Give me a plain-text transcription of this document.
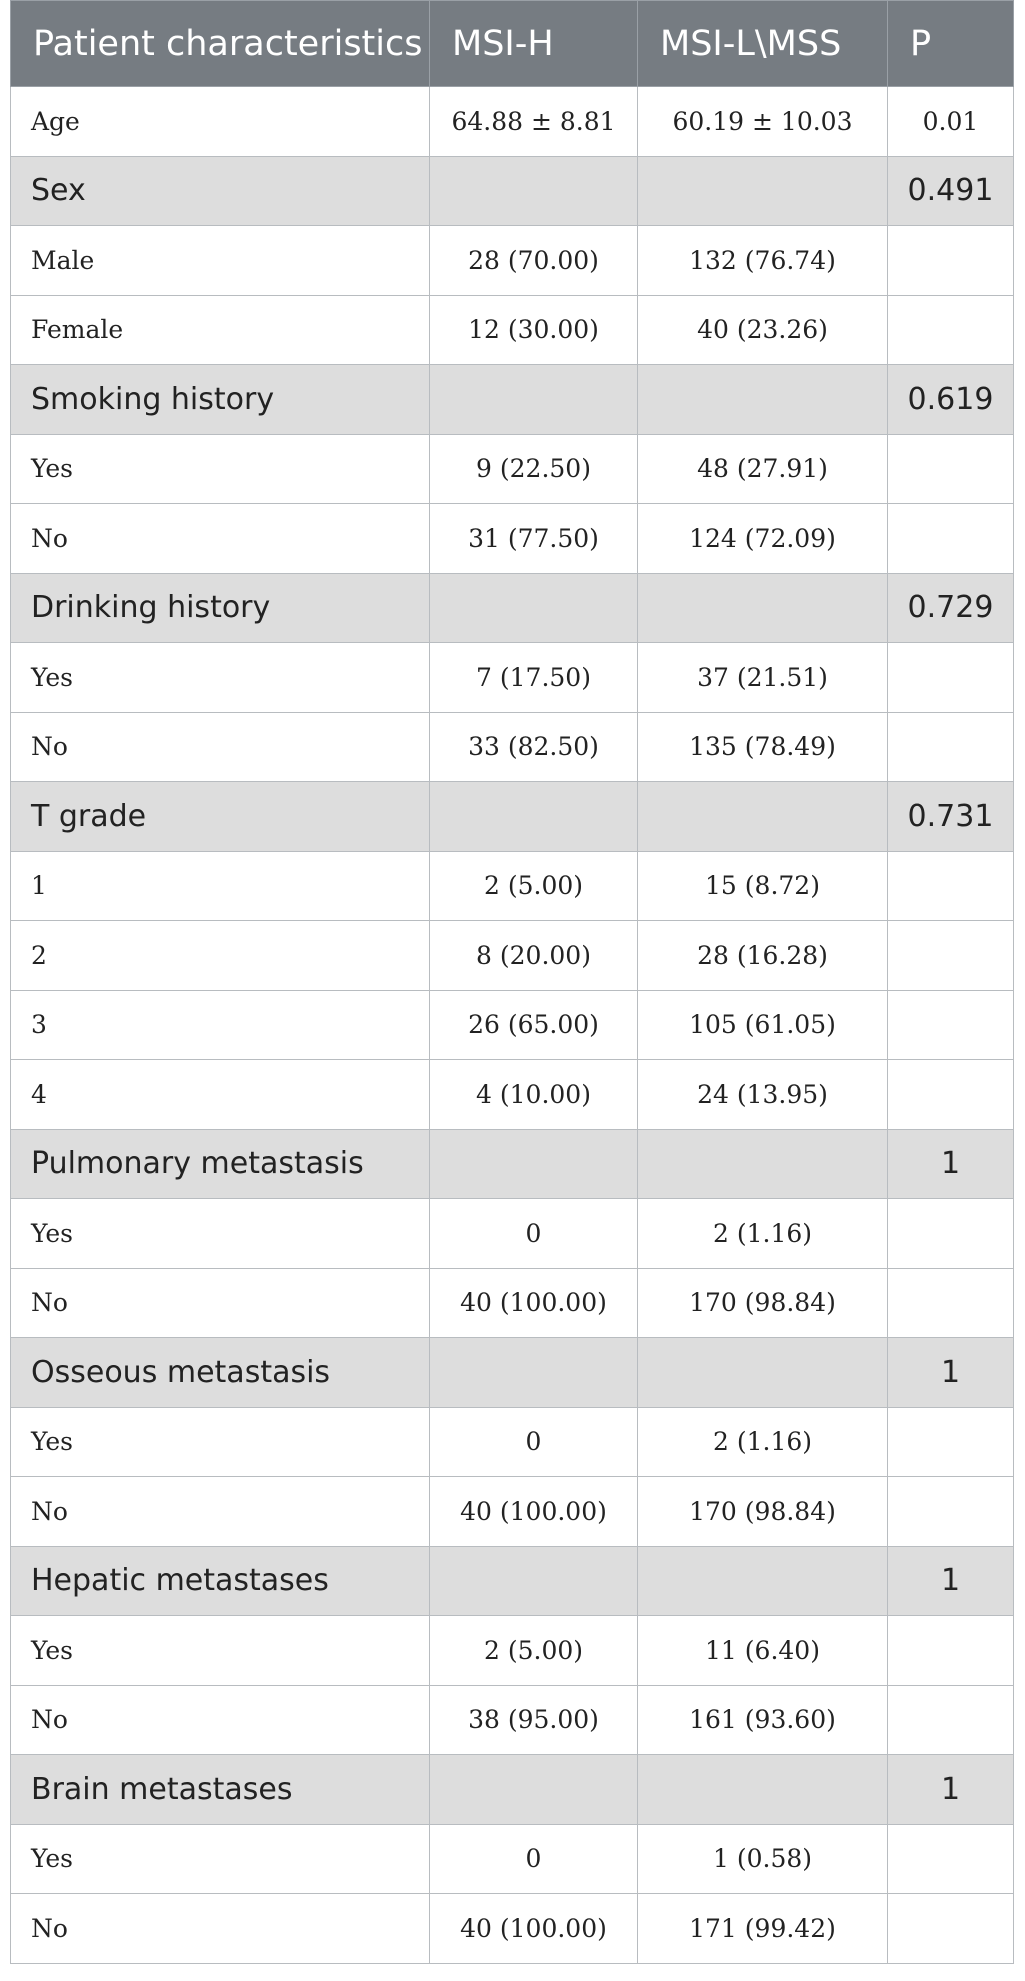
Patient characteristics	MSI-H	MSI-L\MSS	P
Age	64.88 ± 8.81	60.19 ± 10.03	0.01
Sex			0.491
Male	28 (70.00)	132 (76.74)	
Female	12 (30.00)	40 (23.26)	
Smoking history			0.619
Yes	9 (22.50)	48 (27.91)	
No	31 (77.50)	124 (72.09)	
Drinking history			0.729
Yes	7 (17.50)	37 (21.51)	
No	33 (82.50)	135 (78.49)	
T grade			0.731
1	2 (5.00)	15 (8.72)	
2	8 (20.00)	28 (16.28)	
3	26 (65.00)	105 (61.05)	
4	4 (10.00)	24 (13.95)	
Pulmonary metastasis			1
Yes	0	2 (1.16)	
No	40 (100.00)	170 (98.84)	
Osseous metastasis			1
Yes	0	2 (1.16)	
No	40 (100.00)	170 (98.84)	
Hepatic metastases			1
Yes	2 (5.00)	11 (6.40)	
No	38 (95.00)	161 (93.60)	
Brain metastases			1
Yes	0	1 (0.58)	
No	40 (100.00)	171 (99.42)	
